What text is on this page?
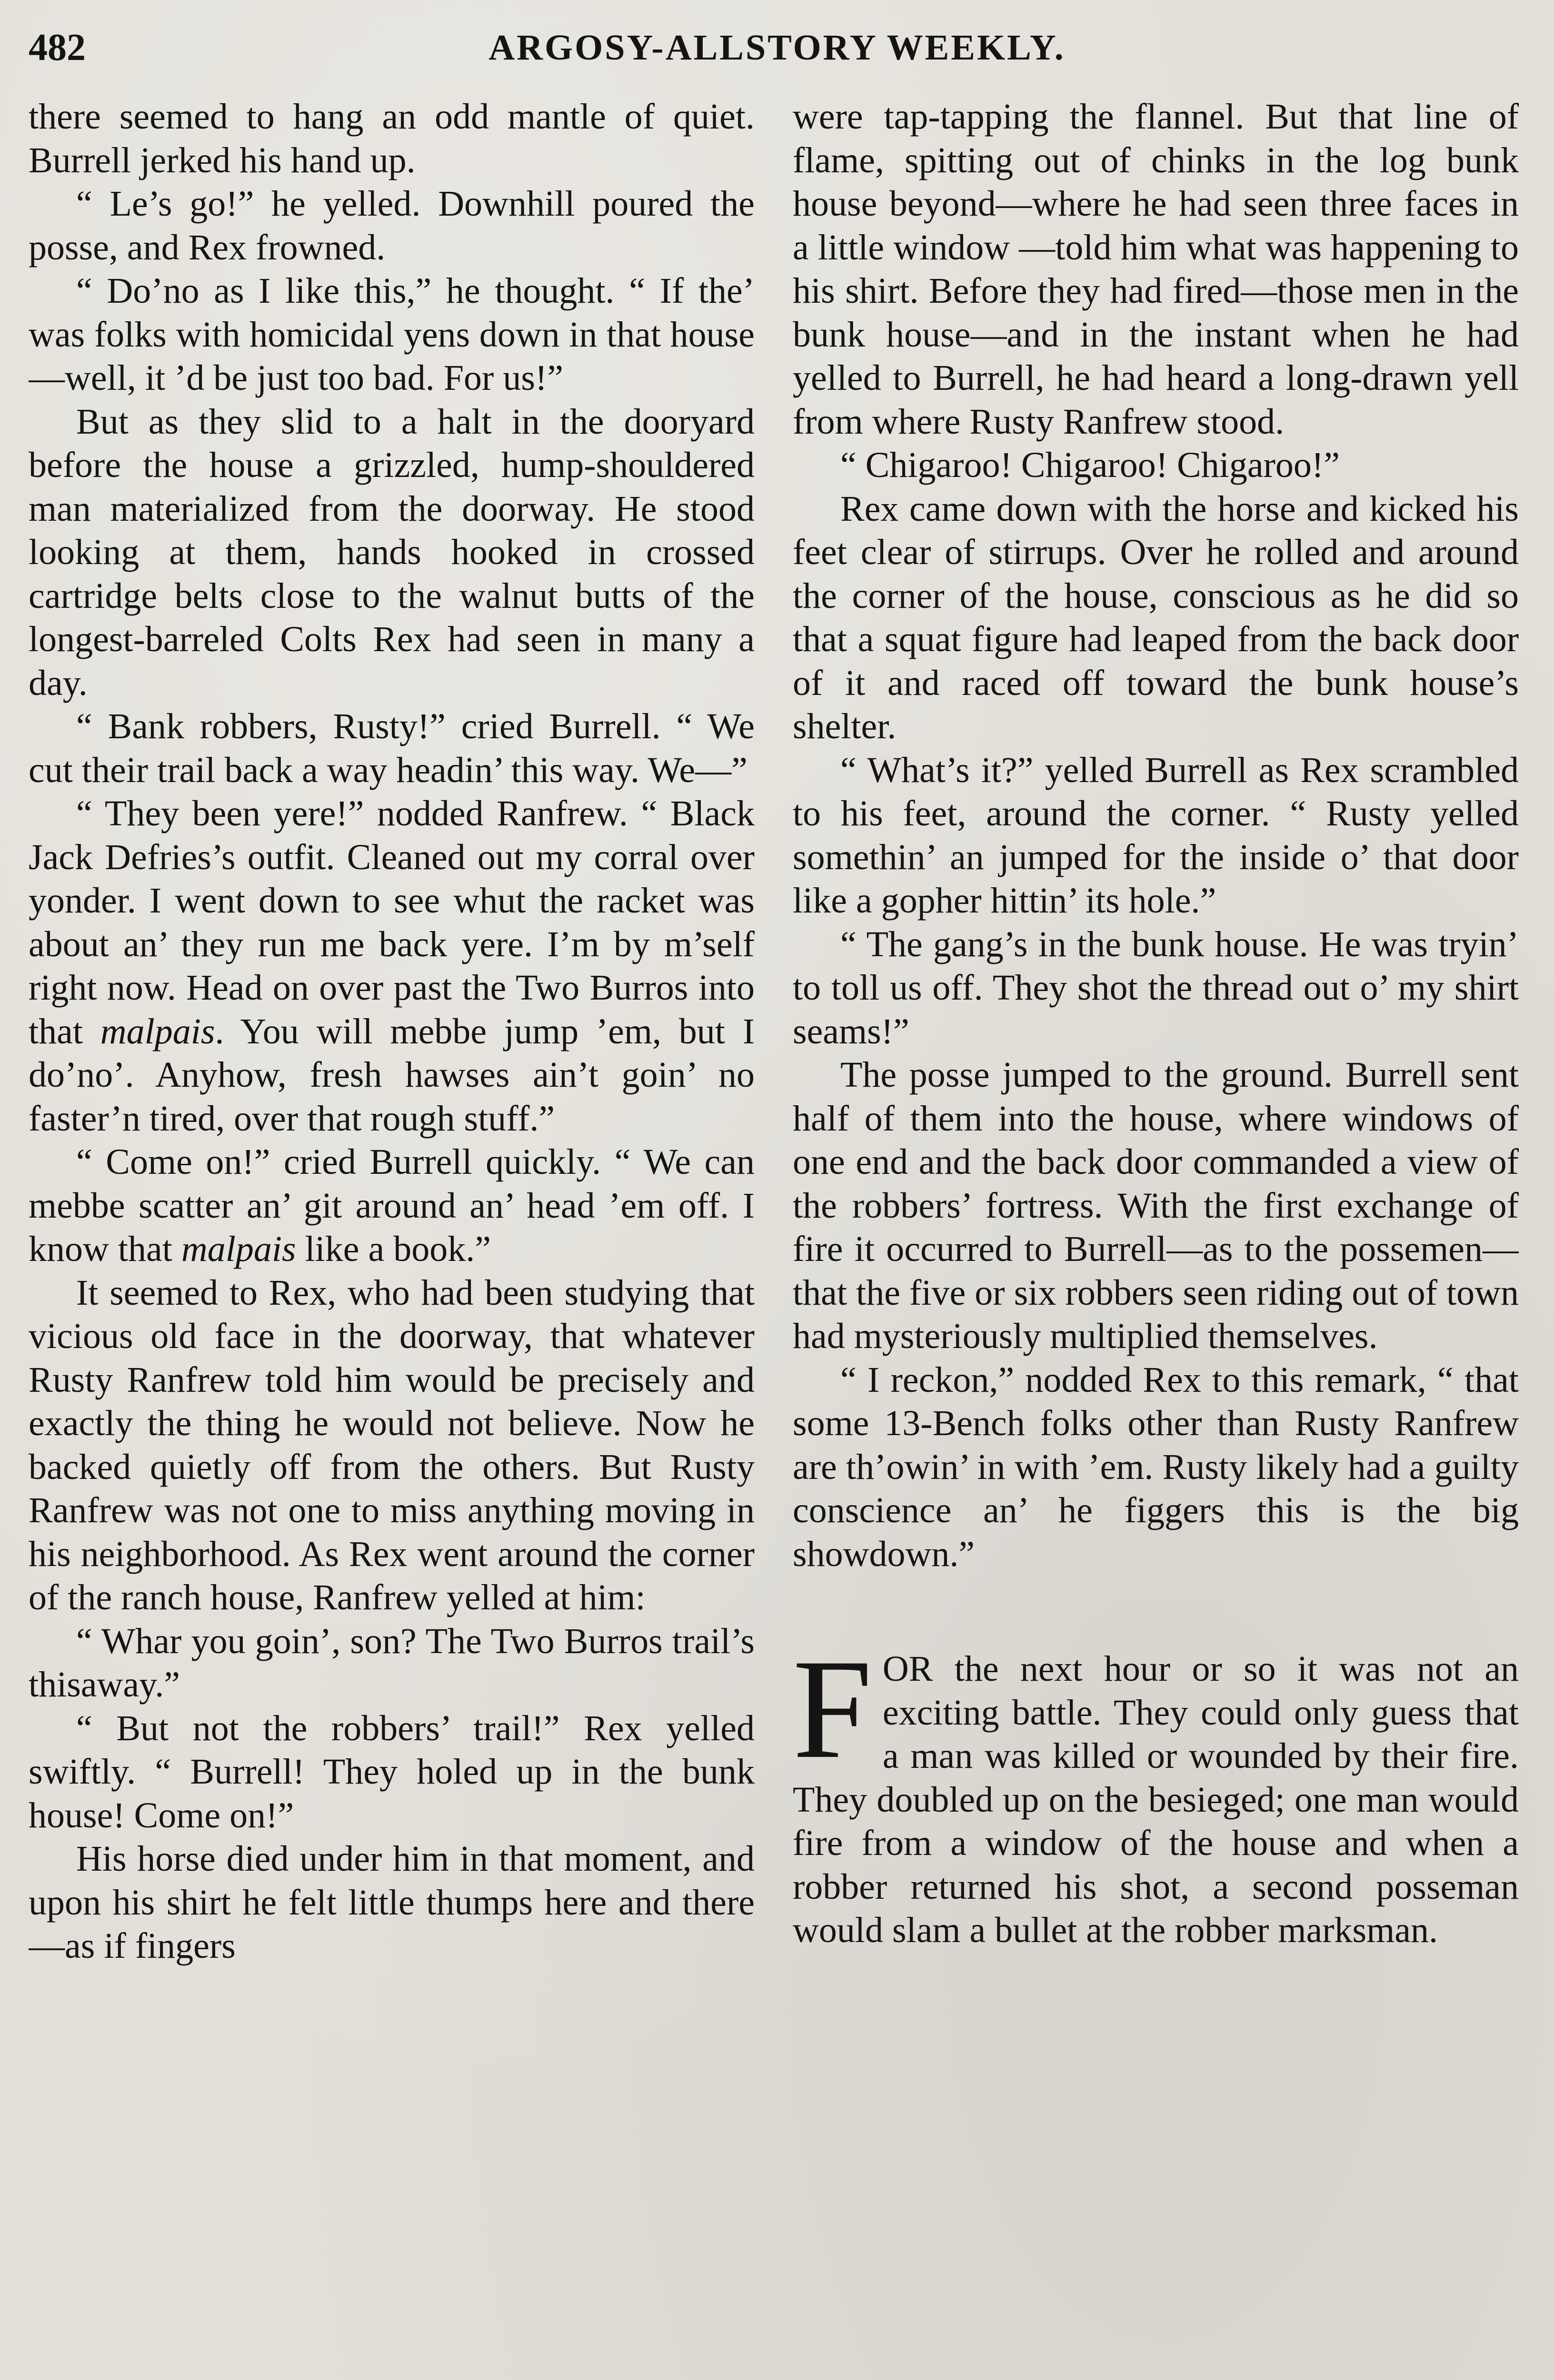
482	ARGOSY-ALLSTORY WEEKLY.

there seemed to hang an odd mantle of quiet. Burrell jerked his hand up.

“ Le’s go!” he yelled. Downhill poured the posse, and Rex frowned.

“ Do’no as I like this,” he thought. “ If the’ was folks with homicidal yens down in that house—well, it ’d be just too bad. For us!”

But as they slid to a halt in the dooryard before the house a grizzled, hump-shouldered man materialized from the doorway. He stood looking at them, hands hooked in crossed cartridge belts close to the walnut butts of the longest-barreled Colts Rex had seen in many a day.

“ Bank robbers, Rusty!” cried Burrell. “ We cut their trail back a way headin’ this way. We—”

“ They been yere!” nodded Ranfrew. “ Black Jack Defries’s outfit. Cleaned out my corral over yonder. I went down to see whut the racket was about an’ they run me back yere. I’m by m’self right now. Head on over past the Two Burros into that malpais. You will mebbe jump ’em, but I do’no’. Anyhow, fresh hawses ain’t goin’ no faster’n tired, over that rough stuff.”

“ Come on!” cried Burrell quickly. “ We can mebbe scatter an’ git around an’ head ’em off. I know that malpais like a book.”

It seemed to Rex, who had been studying that vicious old face in the doorway, that whatever Rusty Ranfrew told him would be precisely and exactly the thing he would not believe. Now he backed quietly off from the others. But Rusty Ranfrew was not one to miss anything moving in his neighborhood. As Rex went around the corner of the ranch house, Ranfrew yelled at him:

“ Whar you goin’, son? The Two Burros trail’s thisaway.”

“ But not the robbers’ trail!” Rex yelled swiftly. “ Burrell! They holed up in the bunk house! Come on!”

His horse died under him in that moment, and upon his shirt he felt little thumps here and there—as if fingers

were tap-tapping the flannel. But that line of flame, spitting out of chinks in the log bunk house beyond—where he had seen three faces in a little window —told him what was happening to his shirt. Before they had fired—those men in the bunk house—and in the instant when he had yelled to Burrell, he had heard a long-drawn yell from where Rusty Ranfrew stood.

“ Chigaroo! Chigaroo! Chigaroo!”

Rex came down with the horse and kicked his feet clear of stirrups. Over he rolled and around the corner of the house, conscious as he did so that a squat figure had leaped from the back door of it and raced off toward the bunk house’s shelter.

“ What’s it?” yelled Burrell as Rex scrambled to his feet, around the corner. “ Rusty yelled somethin’ an jumped for the inside o’ that door like a gopher hittin’ its hole.”

“ The gang’s in the bunk house. He was tryin’ to toll us off. They shot the thread out o’ my shirt seams!”

The posse jumped to the ground. Burrell sent half of them into the house, where windows of one end and the back door commanded a view of the robbers’ fortress. With the first exchange of fire it occurred to Burrell—as to the possemen—that the five or six robbers seen riding out of town had mysteriously multiplied themselves.

“ I reckon,” nodded Rex to this remark, “ that some 13-Bench folks other than Rusty Ranfrew are th’owin’ in with ’em. Rusty likely had a guilty conscience an’ he figgers this is the big showdown.”

FOR the next hour or so it was not an exciting battle. They could only guess that a man was killed or wounded by their fire. They doubled up on the besieged; one man would fire from a window of the house and when a robber returned his shot, a second posseman would slam a bullet at the robber marksman.
